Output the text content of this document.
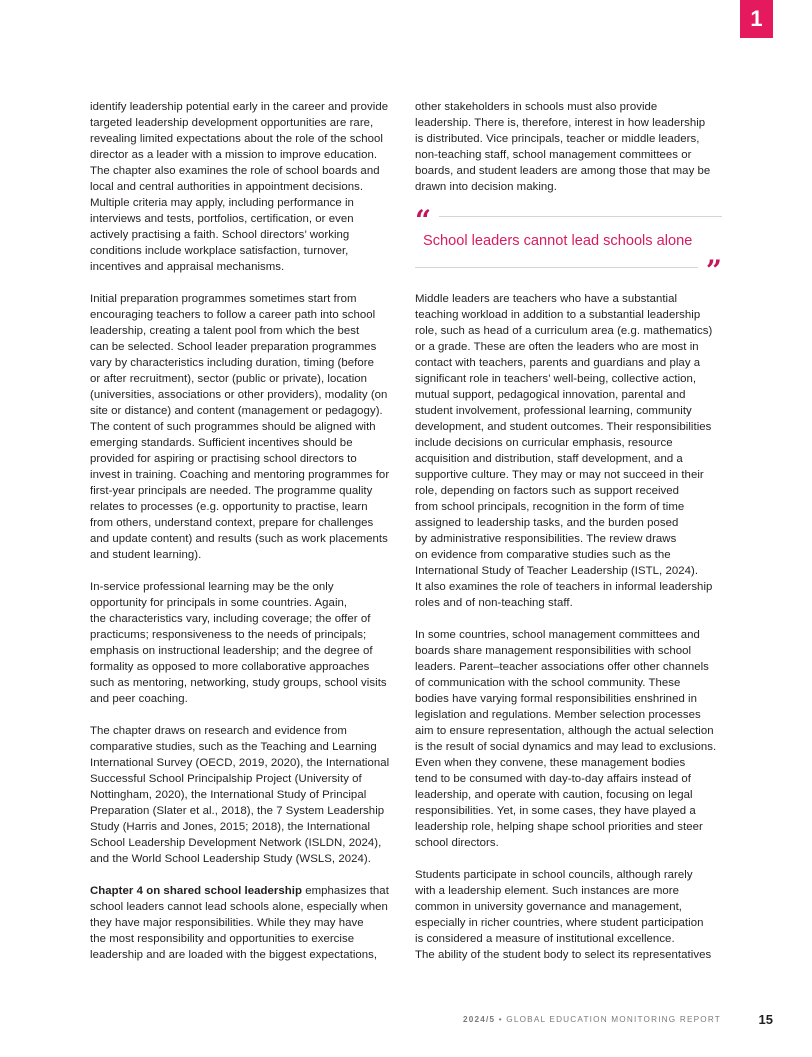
1

identify leadership potential early in the career and provide

targeted leadership development opportunities are rare,

revealing limited expectations about the role of the school

director as a leader with a mission to improve education.

The chapter also examines the role of school boards and

local and central authorities in appointment decisions.

Multiple criteria may apply, including performance in

interviews and tests, portfolios, certification, or even

actively practising a faith. School directors’ working

conditions include workplace satisfaction, turnover,

incentives and appraisal mechanisms.

Initial preparation programmes sometimes start from

encouraging teachers to follow a career path into school

leadership, creating a talent pool from which the best

can be selected. School leader preparation programmes

vary by characteristics including duration, timing (before

or after recruitment), sector (public or private), location

(universities, associations or other providers), modality (on

site or distance) and content (management or pedagogy).

The content of such programmes should be aligned with

emerging standards. Sufficient incentives should be

provided for aspiring or practising school directors to

invest in training. Coaching and mentoring programmes for

first-year principals are needed. The programme quality

relates to processes (e.g. opportunity to practise, learn

from others, understand context, prepare for challenges

and update content) and results (such as work placements

and student learning).

In-service professional learning may be the only

opportunity for principals in some countries. Again,

the characteristics vary, including coverage; the offer of

practicums; responsiveness to the needs of principals;

emphasis on instructional leadership; and the degree of

formality as opposed to more collaborative approaches

such as mentoring, networking, study groups, school visits

and peer coaching.

The chapter draws on research and evidence from

comparative studies, such as the Teaching and Learning

International Survey (OECD, 2019, 2020), the International

Successful School Principalship Project (University of

Nottingham, 2020), the International Study of Principal

Preparation (Slater et al., 2018), the 7 System Leadership

Study (Harris and Jones, 2015; 2018), the International

School Leadership Development Network (ISLDN, 2024),

and the World School Leadership Study (WSLS, 2024).

Chapter 4 on shared school leadership emphasizes that

school leaders cannot lead schools alone, especially when

they have major responsibilities. While they may have

the most responsibility and opportunities to exercise

leadership and are loaded with the biggest expectations,

other stakeholders in schools must also provide

leadership. There is, therefore, interest in how leadership

is distributed. Vice principals, teacher or middle leaders,

non-teaching staff, school management committees or

boards, and student leaders are among those that may be

drawn into decision making.

“
School leaders cannot lead schools alone
”

Middle leaders are teachers who have a substantial

teaching workload in addition to a substantial leadership

role, such as head of a curriculum area (e.g. mathematics)

or a grade. These are often the leaders who are most in

contact with teachers, parents and guardians and play a

significant role in teachers’ well-being, collective action,

mutual support, pedagogical innovation, parental and

student involvement, professional learning, community

development, and student outcomes. Their responsibilities

include decisions on curricular emphasis, resource

acquisition and distribution, staff development, and a

supportive culture. They may or may not succeed in their

role, depending on factors such as support received

from school principals, recognition in the form of time

assigned to leadership tasks, and the burden posed

by administrative responsibilities. The review draws

on evidence from comparative studies such as the

International Study of Teacher Leadership (ISTL, 2024).

It also examines the role of teachers in informal leadership

roles and of non-teaching staff.

In some countries, school management committees and

boards share management responsibilities with school

leaders. Parent–teacher associations offer other channels

of communication with the school community. These

bodies have varying formal responsibilities enshrined in

legislation and regulations. Member selection processes

aim to ensure representation, although the actual selection

is the result of social dynamics and may lead to exclusions.

Even when they convene, these management bodies

tend to be consumed with day-to-day affairs instead of

leadership, and operate with caution, focusing on legal

responsibilities. Yet, in some cases, they have played a

leadership role, helping shape school priorities and steer

school directors.

Students participate in school councils, although rarely

with a leadership element. Such instances are more

common in university governance and management,

especially in richer countries, where student participation

is considered a measure of institutional excellence.

The ability of the student body to select its representatives

2024/5 • GLOBAL EDUCATION MONITORING REPORT	15
